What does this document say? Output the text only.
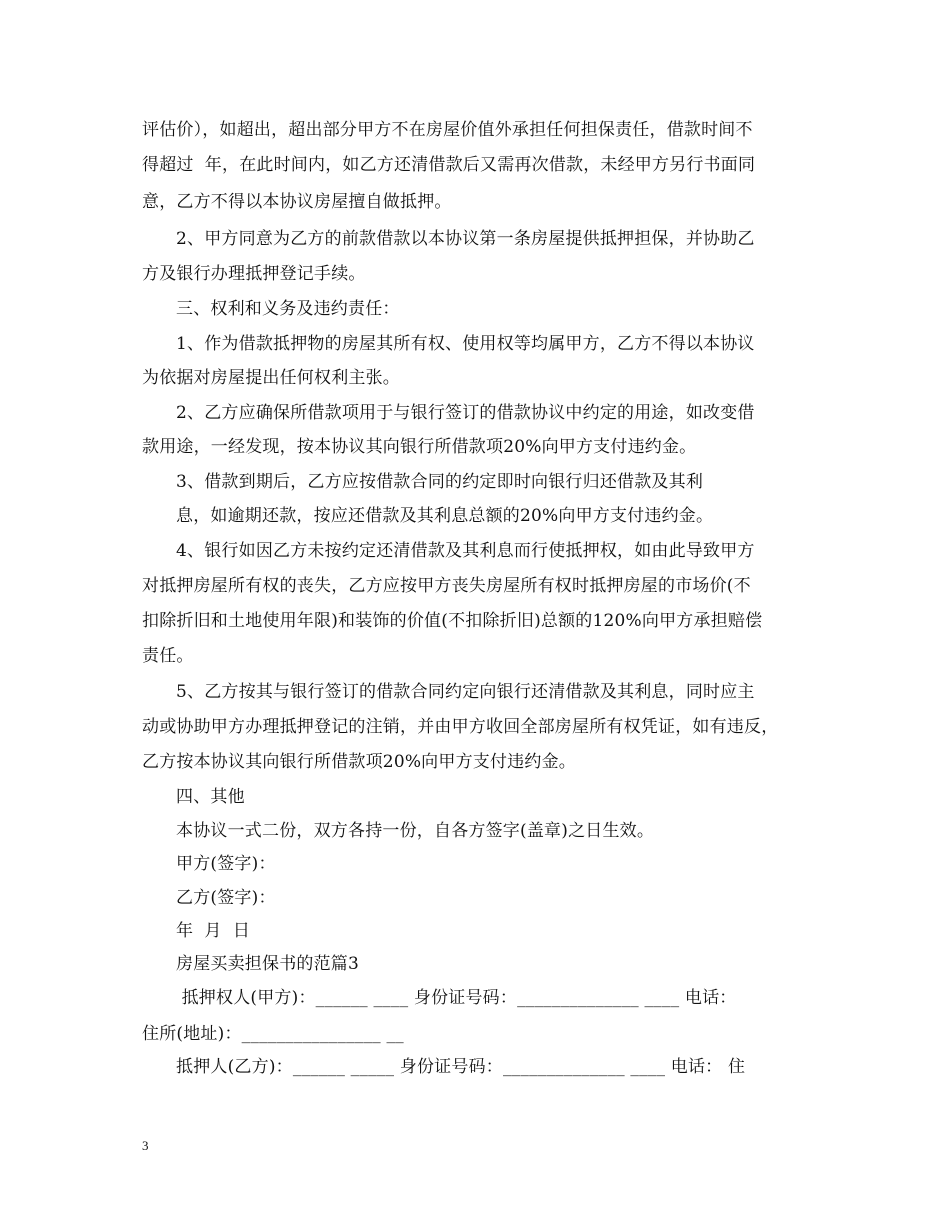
评估价），如超出，超出部分甲方不在房屋价值外承担任何担保责任，借款时间不
得超过  年，在此时间内，如乙方还清借款后又需再次借款，未经甲方另行书面同
意，乙方不得以本协议房屋擅自做抵押。
2、甲方同意为乙方的前款借款以本协议第一条房屋提供抵押担保，并协助乙
方及银行办理抵押登记手续。
三、权利和义务及违约责任：
1、作为借款抵押物的房屋其所有权、使用权等均属甲方，乙方不得以本协议
为依据对房屋提出任何权利主张。
2、乙方应确保所借款项用于与银行签订的借款协议中约定的用途，如改变借
款用途，一经发现，按本协议其向银行所借款项20%向甲方支付违约金。
3、借款到期后，乙方应按借款合同的约定即时向银行归还借款及其利
息，如逾期还款，按应还借款及其利息总额的20%向甲方支付违约金。
4、银行如因乙方未按约定还清借款及其利息而行使抵押权，如由此导致甲方
对抵押房屋所有权的丧失，乙方应按甲方丧失房屋所有权时抵押房屋的市场价(不
扣除折旧和土地使用年限)和装饰的价值(不扣除折旧)总额的120%向甲方承担赔偿
责任。
5、乙方按其与银行签订的借款合同约定向银行还清借款及其利息，同时应主
动或协助甲方办理抵押登记的注销，并由甲方收回全部房屋所有权凭证，如有违反，
乙方按本协议其向银行所借款项20%向甲方支付违约金。
四、其他
本协议一式二份，双方各持一份，自各方签字(盖章)之日生效。
甲方(签字)：
乙方(签字)：
年  月  日
房屋买卖担保书的范篇3
抵押权人(甲方)：______ ____ 身份证号码：______________ ____ 电话：
住所(地址)：________________ __
抵押人(乙方)：______ _____ 身份证号码：______________ ____ 电话： 住
3
